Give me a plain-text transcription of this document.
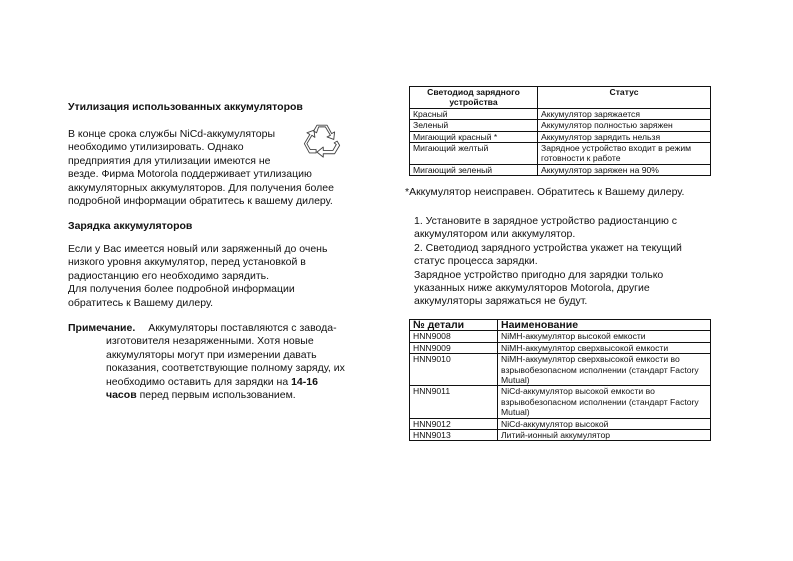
Утилизация использованных аккумуляторов
В конце срока службы NiCd-аккумуляторы
необходимо утилизировать. Однако
предприятия для утилизации имеются не
везде. Фирма Motorola поддерживает утилизацию
аккумуляторных аккумуляторов. Для получения более
подробной информации обратитесь к вашему дилеру.
Зарядка аккумуляторов
Если у Вас имеется новый или заряженный до очень
низкого уровня аккумулятор, перед установкой в
радиостанцию его необходимо зарядить.
Для получения более подробной информации
обратитесь к Вашему дилеру.
Примечание. Аккумуляторы поставляются с завода-
изготовителя незаряженными. Хотя новые
аккумуляторы могут при измерении давать
показания, соответствующие полному заряду, их
необходимо оставить для зарядки на 14-16
часов перед первым использованием.
Светодиод зарядного устройства	Статус
Красный	Аккумулятор заряжается
Зеленый	Аккумулятор полностью заряжен
Мигающий красный *	Аккумулятор зарядить нельзя
Мигающий желтый	Зарядное устройство входит в режим готовности к работе
Мигающий зеленый	Аккумулятор заряжен на 90%
*Аккумулятор неисправен. Обратитесь к Вашему дилеру.
1. Установите в зарядное устройство радиостанцию с
аккумулятором или аккумулятор.
2. Светодиод зарядного устройства укажет на текущий
статус процесса зарядки.
Зарядное устройство пригодно для зарядки только
указанных ниже аккумуляторов Motorola, другие
аккумуляторы заряжаться не будут.
№ детали	Наименование
HNN9008	NiMH-аккумулятор высокой емкости
HNN9009	NiMH-аккумулятор сверхвысокой емкости
HNN9010	NiMH-аккумулятор сверхвысокой емкости во взрывобезопасном исполнении (стандарт Factory Mutual)
HNN9011	NiCd-аккумулятор высокой емкости во взрывобезопасном исполнении (стандарт Factory Mutual)
HNN9012	NiCd-аккумулятор высокой
HNN9013	Литий-ионный аккумулятор
